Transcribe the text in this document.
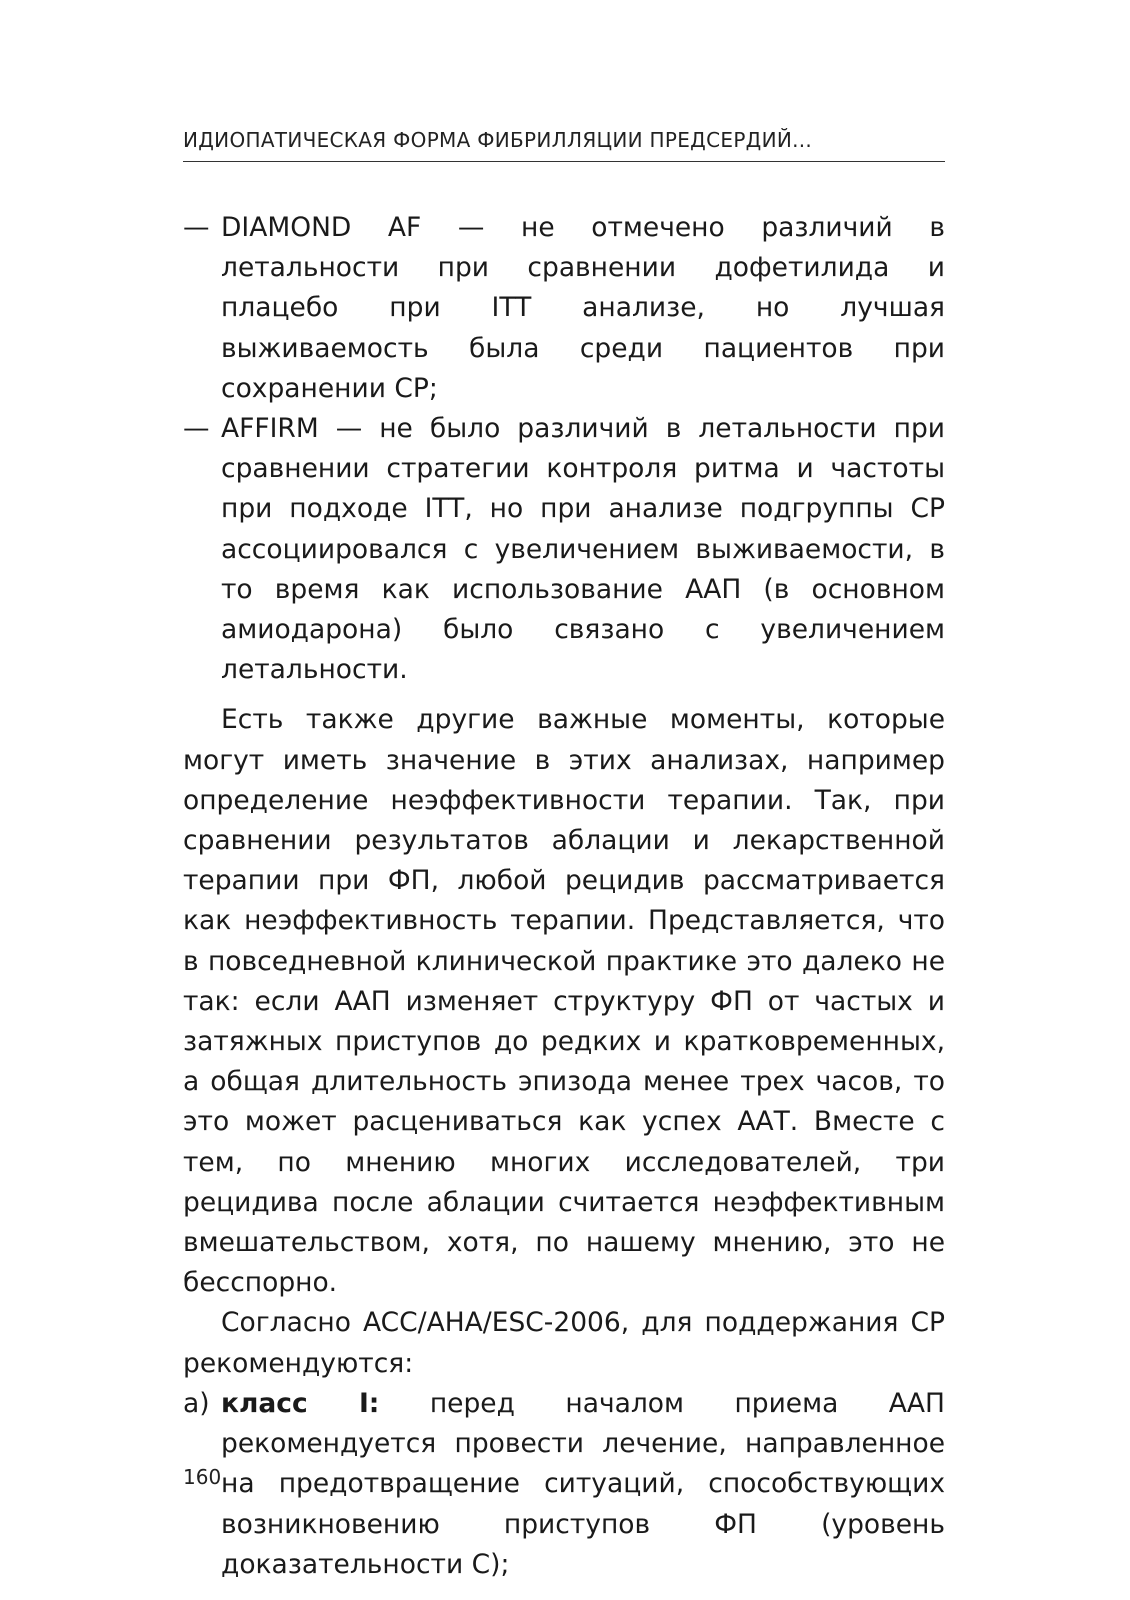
ИДИОПАТИЧЕСКАЯ ФОРМА ФИБРИЛЛЯЦИИ ПРЕДСЕРДИЙ...

— DIAMOND AF — не отмечено различий в летальности при сравнении дофетилида и плацебо при ITT анализе, но лучшая выживаемость была среди пациентов при сохранении СР;

— AFFIRM — не было различий в летальности при сравнении стратегии контроля ритма и частоты при подходе ITT, но при анализе подгруппы СР ассоциировался с увеличением выживаемости, в то время как использование ААП (в основном амиодарона) было связано с увеличением летальности.

Есть также другие важные моменты, которые могут иметь значение в этих анализах, например определение неэффективности терапии. Так, при сравнении результатов аблации и лекарственной терапии при ФП, любой рецидив рассматривается как неэффективность терапии. Представляется, что в повседневной клинической практике это далеко не так: если ААП изменяет структуру ФП от частых и затяжных приступов до редких и кратковременных, а общая длительность эпизода менее трех часов, то это может расцениваться как успех ААТ. Вместе с тем, по мнению многих исследователей, три рецидива после аблации считается неэффективным вмешательством, хотя, по нашему мнению, это не бесспорно.

Согласно ACC/AHA/ESC-2006, для поддержания СР рекомендуются:

а) класс I: перед началом приема ААП рекомендуется провести лечение, направленное на предотвращение ситуаций, способствующих возникновению приступов ФП (уровень доказательности С);

160
